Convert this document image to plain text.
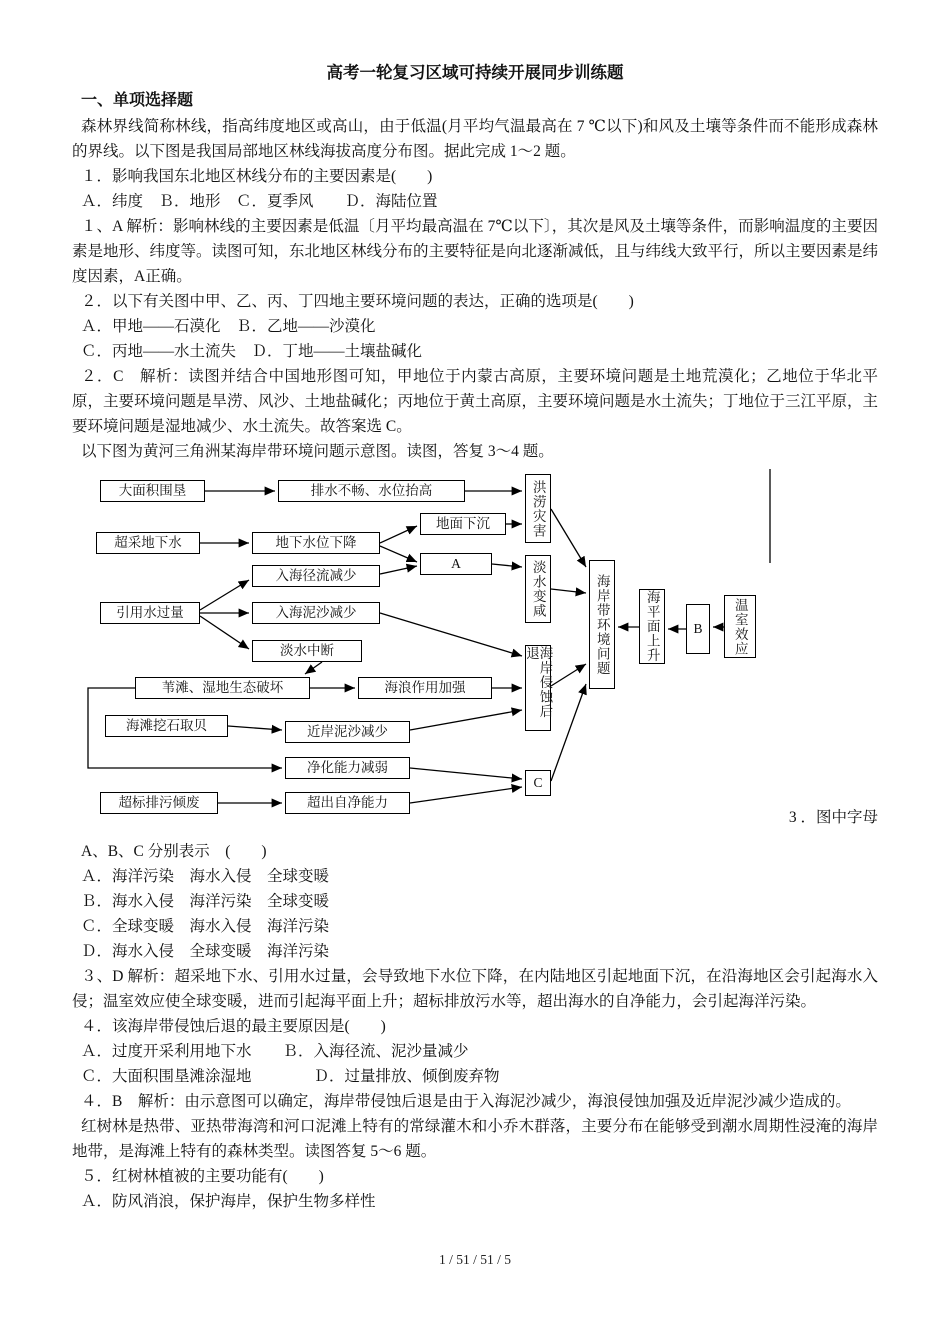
高考一轮复习区域可持续开展同步训练题
一、单项选择题

森林界线简称林线，指高纬度地区或高山，由于低温(月平均气温最高在 7 ℃以下)和风及土壤等条件而不能形成森林的界线。以下图是我国局部地区林线海拔高度分布图。据此完成 1～2 题。

１．影响我国东北地区林线分布的主要因素是(　　)

Ａ．纬度　Ｂ．地形　Ｃ．夏季风　　Ｄ．海陆位置

１、A 解析：影响林线的主要因素是低温〔月平均最高温在 7℃以下〕，其次是风及土壤等条件，而影响温度的主要因素是地形、纬度等。读图可知，东北地区林线分布的主要特征是向北逐渐减低，且与纬线大致平行，所以主要因素是纬度因素，A正确。

２．以下有关图中甲、乙、丙、丁四地主要环境问题的表达，正确的选项是(　　)

Ａ．甲地——石漠化　Ｂ．乙地——沙漠化

Ｃ．丙地——水土流失　Ｄ．丁地——土壤盐碱化

２．C　解析：读图并结合中国地形图可知，甲地位于内蒙古高原，主要环境问题是土地荒漠化；乙地位于华北平原，主要环境问题是旱涝、风沙、土地盐碱化；丙地位于黄土高原，主要环境问题是水土流失；丁地位于三江平原，主要环境问题是湿地减少、水土流失。故答案选 C。

以下图为黄河三角洲某海岸带环境问题示意图。读图，答复 3～4 题。

大面积围垦	排水不畅、水位抬高	洪涝灾害
超采地下水	地下水位下降
地面下沉
A	淡水变咸
入海径流减少
引用水过量	入海泥沙减少
淡水中断	海岸带环境问题	海平面上升	B	温室效应
苇滩、湿地生态破坏	海浪作用加强	海岸侵蚀后退
海滩挖石取贝	近岸泥沙减少
净化能力减弱
C
超标排污倾废	超出自净能力
3 ．图中字母

A、B、C 分别表示　(　　)

Ａ．海洋污染　海水入侵　全球变暖

Ｂ．海水入侵　海洋污染　全球变暖

Ｃ．全球变暖　海水入侵　海洋污染

Ｄ．海水入侵　全球变暖　海洋污染

３、D 解析：超采地下水、引用水过量，会导致地下水位下降，在内陆地区引起地面下沉，在沿海地区会引起海水入侵；温室效应使全球变暖，进而引起海平面上升；超标排放污水等，超出海水的自净能力，会引起海洋污染。

４．该海岸带侵蚀后退的最主要原因是(　　)

Ａ．过度开采利用地下水　　Ｂ．入海径流、泥沙量减少

Ｃ．大面积围垦滩涂湿地　　　　Ｄ．过量排放、倾倒废弃物

４．B　解析：由示意图可以确定，海岸带侵蚀后退是由于入海泥沙减少，海浪侵蚀加强及近岸泥沙减少造成的。

红树林是热带、亚热带海湾和河口泥滩上特有的常绿灌木和小乔木群落，主要分布在能够受到潮水周期性浸淹的海岸地带，是海滩上特有的森林类型。读图答复 5～6 题。

５．红树林植被的主要功能有(　　)

Ａ．防风消浪，保护海岸，保护生物多样性

1 / 51 / 51 / 5
